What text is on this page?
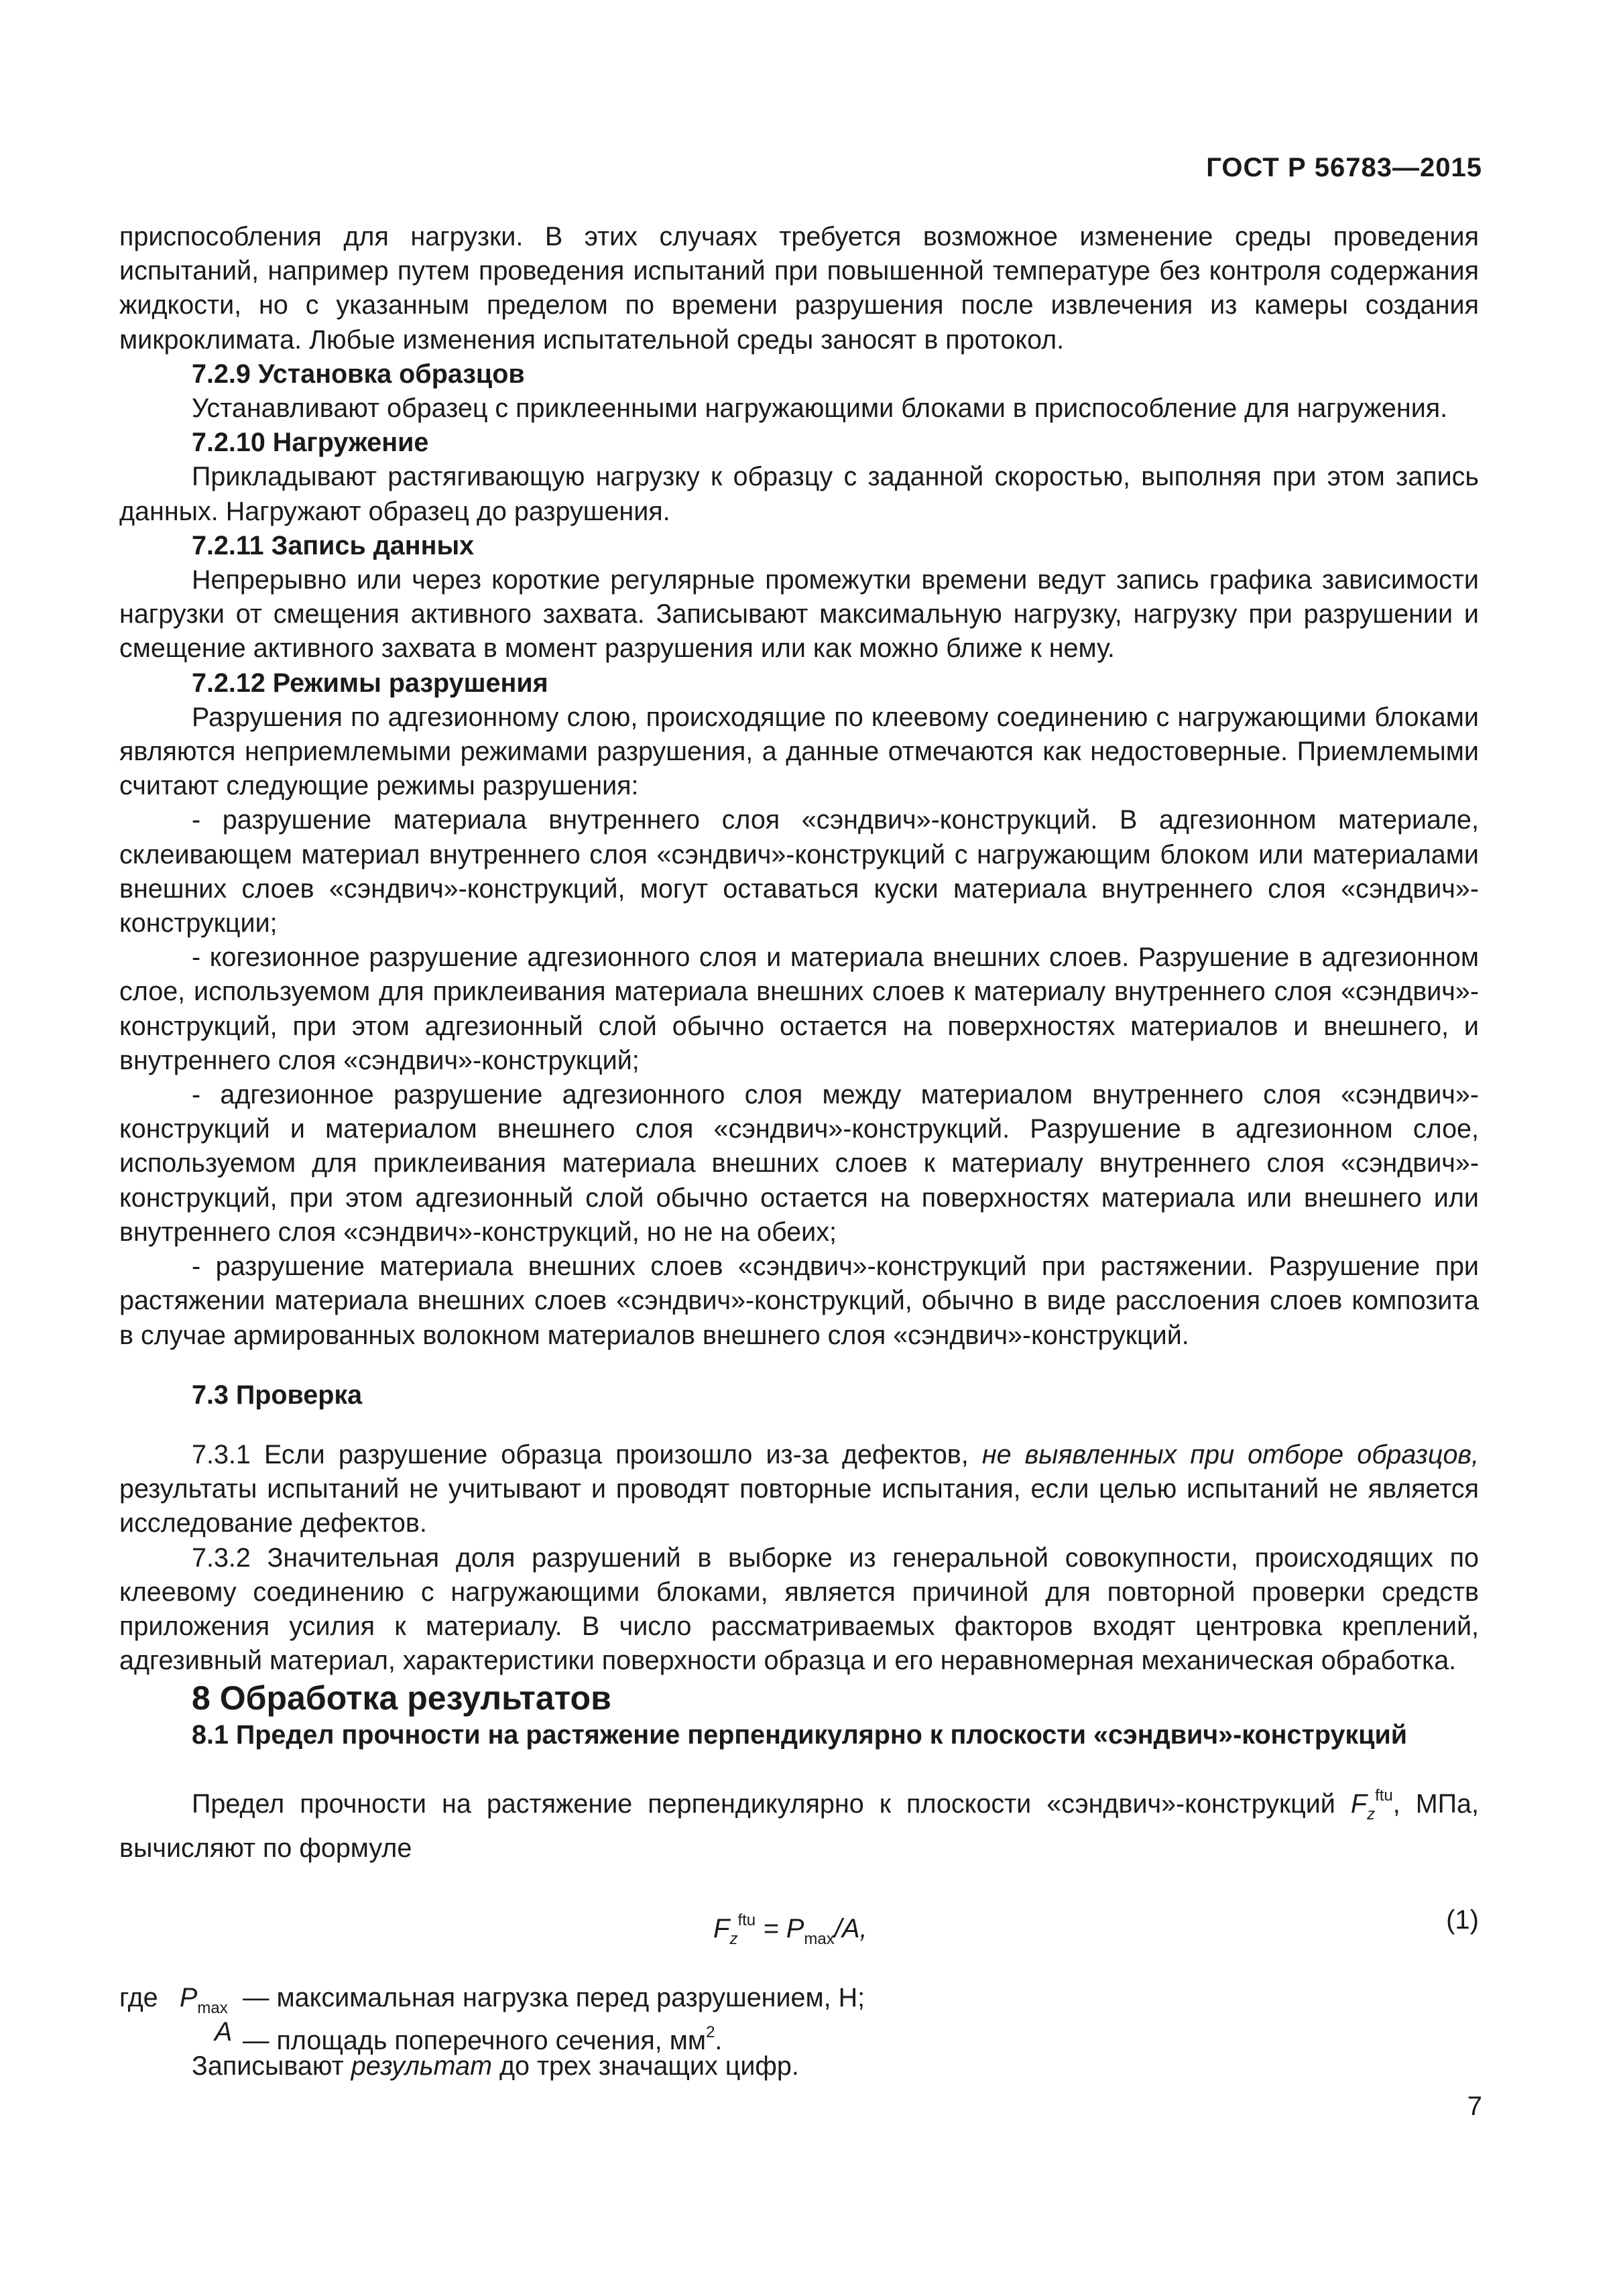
ГОСТ Р 56783—2015

приспособления для нагрузки. В этих случаях требуется возможное изменение среды проведения испытаний, например путем проведения испытаний при повышенной температуре без контроля содержания жидкости, но с указанным пределом по времени разрушения после извлечения из камеры создания микроклимата. Любые изменения испытательной среды заносят в протокол.

7.2.9 Установка образцов

Устанавливают образец с приклеенными нагружающими блоками в приспособление для нагружения.

7.2.10 Нагружение

Прикладывают растягивающую нагрузку к образцу с заданной скоростью, выполняя при этом запись данных. Нагружают образец до разрушения.

7.2.11 Запись данных

Непрерывно или через короткие регулярные промежутки времени ведут запись графика зависимости нагрузки от смещения активного захвата. Записывают максимальную нагрузку, нагрузку при разрушении и смещение активного захвата в момент разрушения или как можно ближе к нему.

7.2.12 Режимы разрушения

Разрушения по адгезионному слою, происходящие по клеевому соединению с нагружающими блоками являются неприемлемыми режимами разрушения, а данные отмечаются как недостоверные. Приемлемыми считают следующие режимы разрушения:

- разрушение материала внутреннего слоя «сэндвич»-конструкций. В адгезионном материале, склеивающем материал внутреннего слоя «сэндвич»-конструкций с нагружающим блоком или материалами внешних слоев «сэндвич»-конструкций, могут оставаться куски материала внутреннего слоя «сэндвич»-конструкции;

- когезионное разрушение адгезионного слоя и материала внешних слоев. Разрушение в адгезионном слое, используемом для приклеивания материала внешних слоев к материалу внутреннего слоя «сэндвич»-конструкций, при этом адгезионный слой обычно остается на поверхностях материалов и внешнего, и внутреннего слоя «сэндвич»-конструкций;

- адгезионное разрушение адгезионного слоя между материалом внутреннего слоя «сэндвич»-конструкций и материалом внешнего слоя «сэндвич»-конструкций. Разрушение в адгезионном слое, используемом для приклеивания материала внешних слоев к материалу внутреннего слоя «сэндвич»-конструкций, при этом адгезионный слой обычно остается на поверхностях материала или внешнего или внутреннего слоя «сэндвич»-конструкций, но не на обеих;

- разрушение материала внешних слоев «сэндвич»-конструкций при растяжении. Разрушение при растяжении материала внешних слоев «сэндвич»-конструкций, обычно в виде расслоения слоев композита в случае армированных волокном материалов внешнего слоя «сэндвич»-конструкций.

7.3 Проверка

7.3.1 Если разрушение образца произошло из-за дефектов, не выявленных при отборе образцов, результаты испытаний не учитывают и проводят повторные испытания, если целью испытаний не является исследование дефектов.

7.3.2 Значительная доля разрушений в выборке из генеральной совокупности, происходящих по клеевому соединению с нагружающими блоками, является причиной для повторной проверки средств приложения усилия к материалу. В число рассматриваемых факторов входят центровка креплений, адгезивный материал, характеристики поверхности образца и его неравномерная механическая обработка.

8 Обработка результатов

8.1 Предел прочности на растяжение перпендикулярно к плоскости «сэндвич»-конструкций

Предел прочности на растяжение перпендикулярно к плоскости «сэндвич»-конструкций $F_z^{ftu}$, МПа, вычисляют по формуле

$F_z^{ftu} = P_{max}/A$,	(1)
где $P_{max}$ — максимальная нагрузка перед разрушением, Н;
A — площадь поперечного сечения, $мм^2$.

Записывают результат до трех значащих цифр.

7
